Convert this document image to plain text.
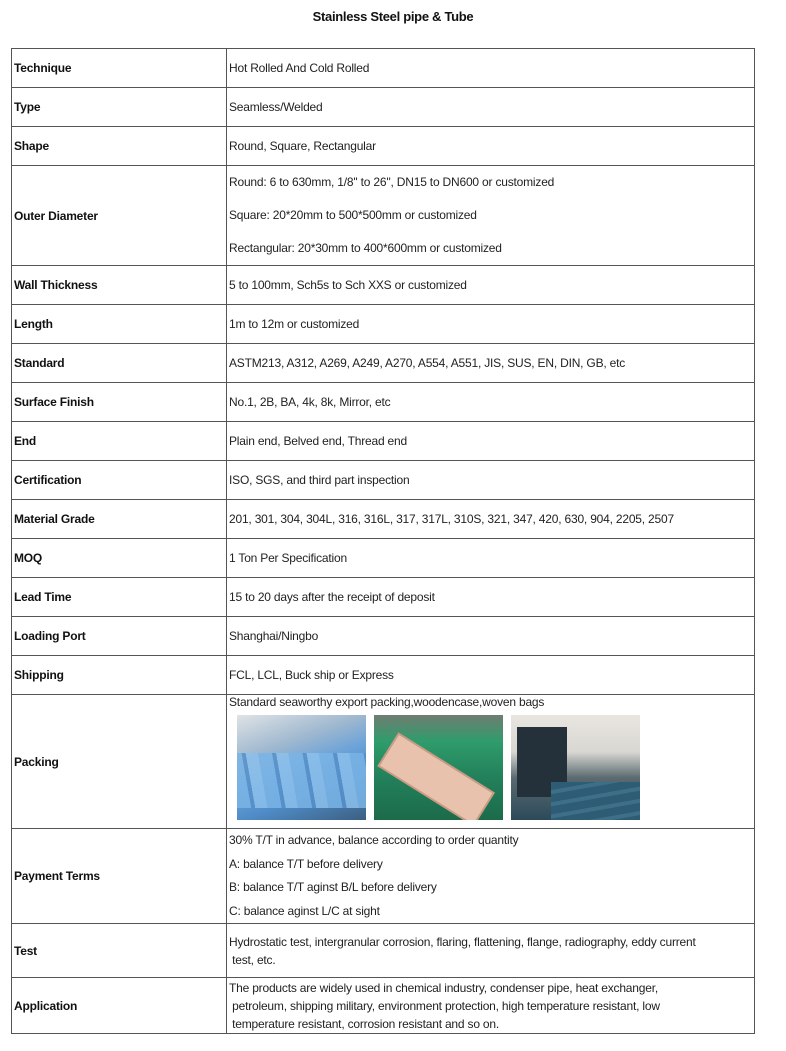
Stainless Steel pipe & Tube
Technique	Hot Rolled And Cold Rolled
Type	Seamless/Welded
Shape	Round, Square, Rectangular
Outer Diameter	Round: 6 to 630mm, 1/8'' to 26'', DN15 to DN600 or customized
Square: 20*20mm to 500*500mm or customized
Rectangular: 20*30mm to 400*600mm or customized

Wall Thickness	5 to 100mm, Sch5s to Sch XXS or customized
Length	1m to 12m or customized
Standard	ASTM213, A312, A269, A249, A270, A554, A551, JIS, SUS, EN, DIN, GB, etc
Surface Finish	No.1, 2B, BA, 4k, 8k, Mirror, etc
End	Plain end, Belved end, Thread end
Certification	ISO, SGS, and third part inspection
Material Grade	201, 301, 304, 304L, 316, 316L, 317, 317L, 310S, 321, 347, 420, 630, 904, 2205, 2507
MOQ	1 Ton Per Specification
Lead Time	15 to 20 days after the receipt of deposit
Loading Port	Shanghai/Ningbo
Shipping	FCL, LCL, Buck ship or Express
Packing	Standard seaworthy export packing,woodencase,woven bags

Payment Terms	30% T/T in advance, balance according to order quantity
A: balance T/T before delivery
B: balance T/T aginst B/L before delivery
C: balance aginst L/C at sight

Test	Hydrostatic test, intergranular corrosion, flaring, flattening, flange, radiography, eddy current
test, etc.

Application	The products are widely used in chemical industry, condenser pipe, heat exchanger,
petroleum, shipping military, environment protection, high temperature resistant, low
temperature resistant, corrosion resistant and so on.
